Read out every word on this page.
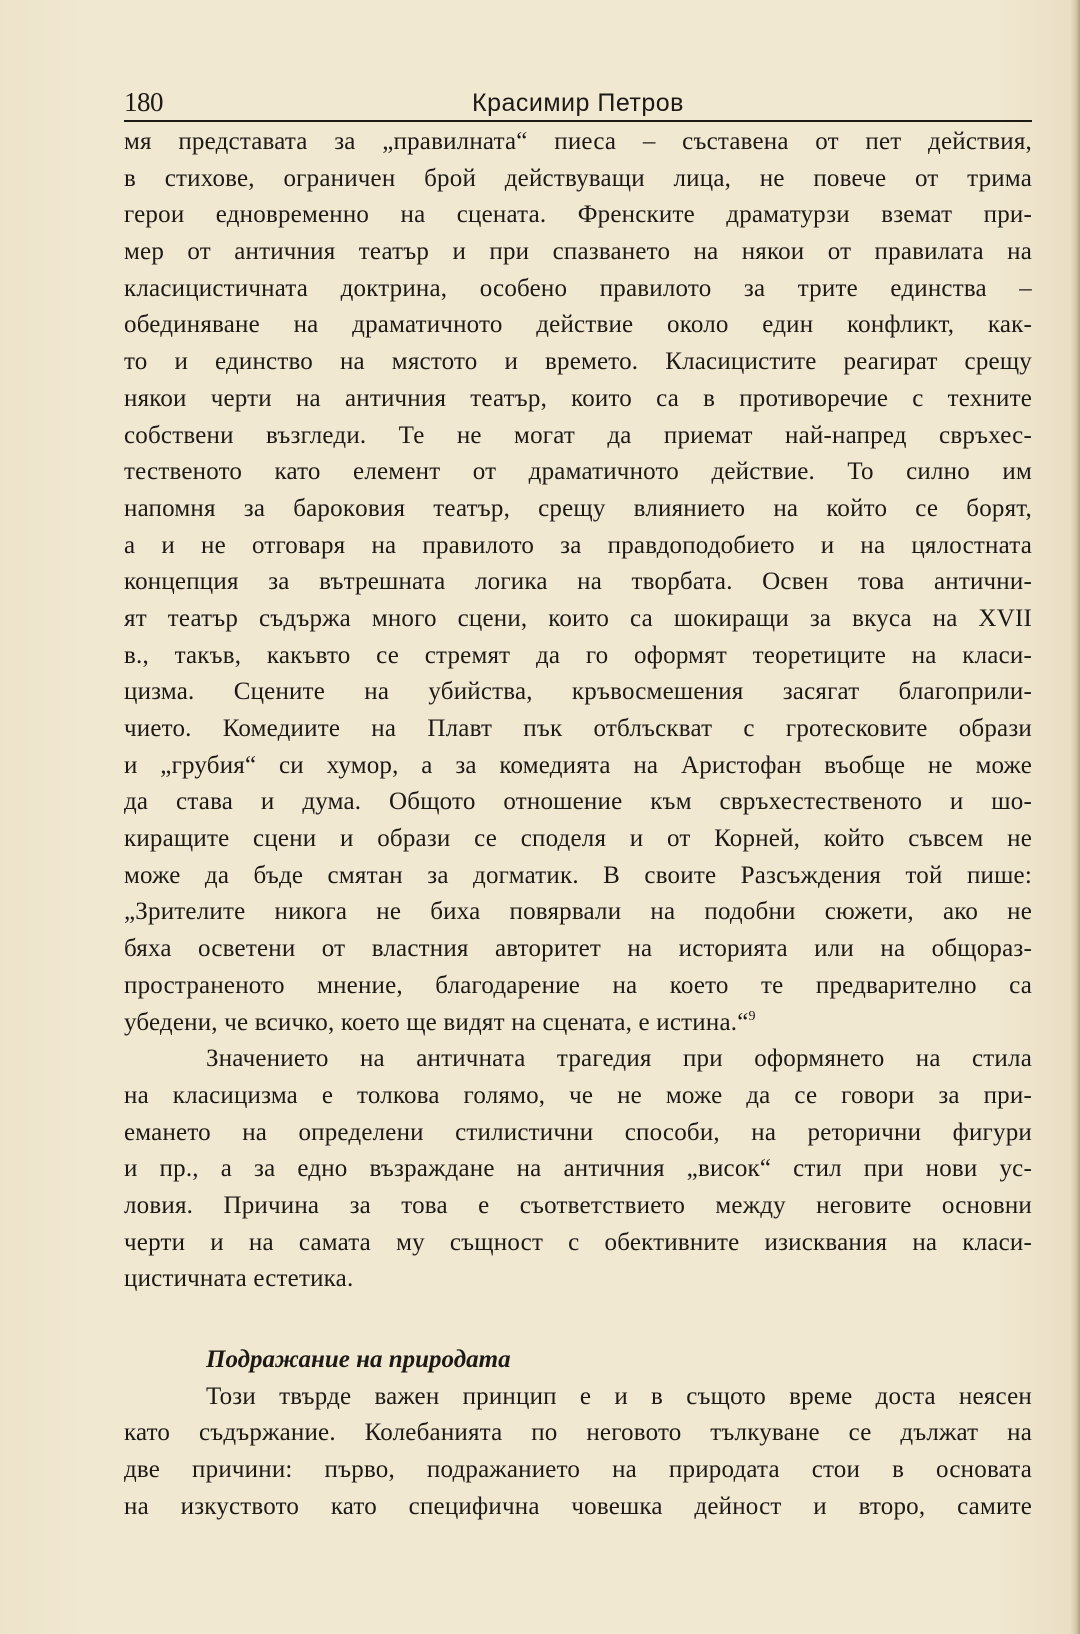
180	Красимир Петров
мя представата за „правилната“ пиеса – съставена от пет действия,
в стихове, ограничен брой действуващи лица, не повече от трима
герои едновременно на сцената. Френските драматурзи вземат при-
мер от античния театър и при спазването на някои от правилата на
класицистичната доктрина, особено правилото за трите единства –
обединяване на драматичното действие около един конфликт, как-
то и единство на мястото и времето. Класицистите реагират срещу
някои черти на античния театър, които са в противоречие с техните
собствени възгледи. Те не могат да приемат най-напред свръхес-
тественото като елемент от драматичното действие. То силно им
напомня за барокoвия театър, срещу влиянието на който се борят,
а и не отговаря на правилото за правдоподобието и на цялостната
концепция за вътрешната логика на творбата. Освен това антични-
ят театър съдържа много сцени, които са шокиращи за вкуса на XVII
в., такъв, какъвто се стремят да го оформят теоретиците на класи-
цизма. Сцените на убийства, кръвосмешения засягат благоприли-
чието. Комедиите на Плавт пък отблъскват с гротесковите образи
и „грубия“ си хумор, а за комедията на Аристофан въобще не може
да става и дума. Общото отношение към свръхестественото и шо-
киращите сцени и образи се споделя и от Корней, който съвсем не
може да бъде смятан за догматик. В своите Разсъждения той пише:
„Зрителите никога не биха повярвали на подобни сюжети, ако не
бяха осветени от властния авторитет на историята или на общораз-
пространеното мнение, благодарение на което те предварително са
убедени, че всичко, което ще видят на сцената, е истина.“$^9$
Значението на античната трагедия при оформянето на стила
на класицизма е толкова голямо, че не може да се говори за при-
емането на определени стилистични способи, на реторични фигури
и пр., а за едно възраждане на античния „висок“ стил при нови ус-
ловия. Причина за това е съответствието между неговите основни
черти и на самата му същност с обективните изисквания на класи-
цистичната естетика.
Подражание на природата
Този твърде важен принцип е и в същото време доста неясен
като съдържание. Колебанията по неговото тълкуване се дължат на
две причини: първо, подражанието на природата стои в основата
на изкуството като специфична човешка дейност и второ, самите
